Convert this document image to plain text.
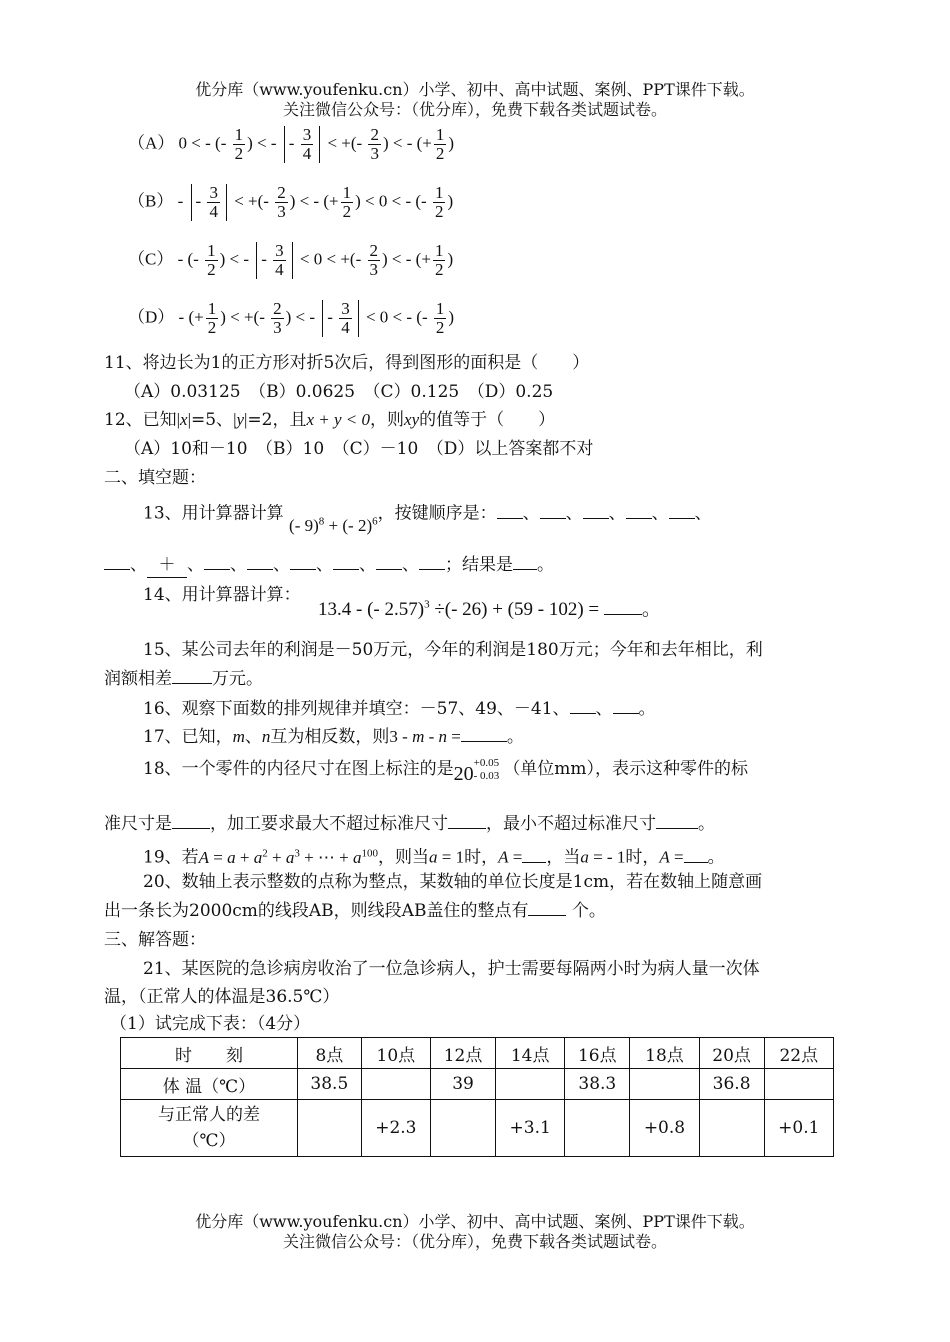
优分库（www.youfenku.cn）小学、初中、高中试题、案例、PPT课件下载。
关注微信公众号：（优分库），免费下载各类试题试卷。
（A） 0 < - (- $\frac{1}{2}$ ) < - - $\frac{3}{4}$ < +(- $\frac{2}{3}$ ) < - (+ $\frac{1}{2}$ )
（B） - - $\frac{3}{4}$ < +(- $\frac{2}{3}$ ) < - (+ $\frac{1}{2}$ ) < 0 < - (- $\frac{1}{2}$ )
（C） - (- $\frac{1}{2}$ ) < - - $\frac{3}{4} < 0$ < +(- $\frac{2}{3}$ ) < - (+ $\frac{1}{2}$ )
（D） - (+ $\frac{1}{2}$ ) < +(- $\frac{2}{3}$ ) < - - $\frac{3}{4} < 0$ < - (- $\frac{1}{2}$ )
11、将边长为1的正方形对折5次后，得到图形的面积是（　　）
（A）0.03125　（B）0.0625　（C）0.125　（D）0.25
12、已知|x|=5、|y|=2，且x + y < 0，则xy的值等于（　　）
（A）10和－10　（B）10　（C）－10　（D）以上答案都不对
二、填空题：
13、用计算器计算 (- 9)$^8$ + (- 2)$^6$，按键顺序是： 、 、 、 、 、
、 ＋ 、 、 、 、 、 、 ；结果是 。
14、用计算器计算：
13.4 - (- 2.57)$^3$ ÷(- 26) + (59 - 102) = 。
15、某公司去年的利润是－50万元，今年的利润是180万元；今年和去年相比，利
润额相差 万元。
16、观察下面数的排列规律并填空：－57、49、－41、 、 。
17、已知，m、n互为相反数，则3 - m - n =	。
18、一个零件的内径尺寸在图上标注的是20+0.05
- 0.03 （单位mm），表示这种零件的标
准尺寸是 ，加工要求最大不超过标准尺寸 ，最小不超过标准尺寸 。
19、若$A = a + a^2 + a^3$ + ⋯ + $a^{100}$，则当a = 1时，A = ，当a = - 1时，A = 。
20、数轴上表示整数的点称为整点，某数轴的单位长度是1cm，若在数轴上随意画
出一条长为2000cm的线段AB，则线段AB盖住的整点有	个。
三、解答题：
21、某医院的急诊病房收治了一位急诊病人，护士需要每隔两小时为病人量一次体
温，（正常人的体温是36.5℃）
（1）试完成下表：（4分）
时　　刻	8点	10点	12点	14点	16点	18点	20点	22点
体 温（℃）	38.5		39		38.3		36.8	
与正常人的差（℃）		+2.3		+3.1		+0.8		+0.1
优分库（www.youfenku.cn）小学、初中、高中试题、案例、PPT课件下载。
关注微信公众号：（优分库），免费下载各类试题试卷。
